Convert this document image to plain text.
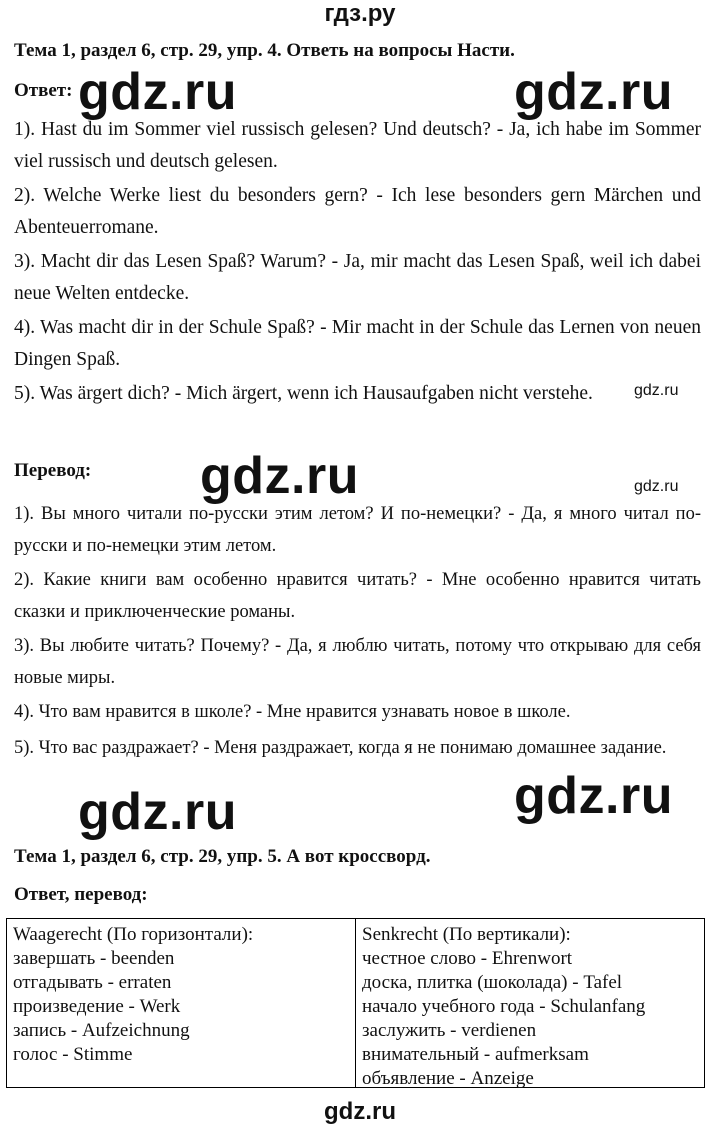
гдз.ру
Тема 1, раздел 6, стр. 29, упр. 4. Ответь на вопросы Насти.
Ответ:
1). Hast du im Sommer viel russisch gelesen? Und deutsch? - Ja, ich habe im Sommer viel russisch und deutsch gelesen.
2). Welche Werke liest du besonders gern? - Ich lese besonders gern Märchen und Abenteuerromane.
3). Macht dir das Lesen Spaß? Warum? - Ja, mir macht das Lesen Spaß, weil ich dabei neue Welten entdecke.
4). Was macht dir in der Schule Spaß? - Mir macht in der Schule das Lernen von neuen Dingen Spaß.
5). Was ärgert dich? - Mich ärgert, wenn ich Hausaufgaben nicht verstehe.
Перевод:
1). Вы много читали по-русски этим летом? И по-немецки? - Да, я много читал по-русски и по-немецки этим летом.
2). Какие книги вам особенно нравится читать? - Мне особенно нравится читать сказки и приключенческие романы.
3). Вы любите читать? Почему? - Да, я люблю читать, потому что открываю для себя новые миры.
4). Что вам нравится в школе? - Мне нравится узнавать новое в школе.
5). Что вас раздражает? - Меня раздражает, когда я не понимаю домашнее задание.
Тема 1, раздел 6, стр. 29, упр. 5. А вот кроссворд.
Ответ, перевод:
Waagerecht (По горизонтали):
завершать - beenden
отгадывать - erraten
произведение - Werk
запись - Aufzeichnung
голос - Stimme
Senkrecht (По вертикали):
честное слово - Ehrenwort
доска, плитка (шоколада) - Tafel
начало учебного года - Schulanfang
заслужить - verdienen
внимательный - aufmerksam
объявление - Anzeige
gdz.ru	gdz.ru
gdz.ru
gdz.ru	gdz.ru
gdz.ru	gdz.ru
gdz.ru
